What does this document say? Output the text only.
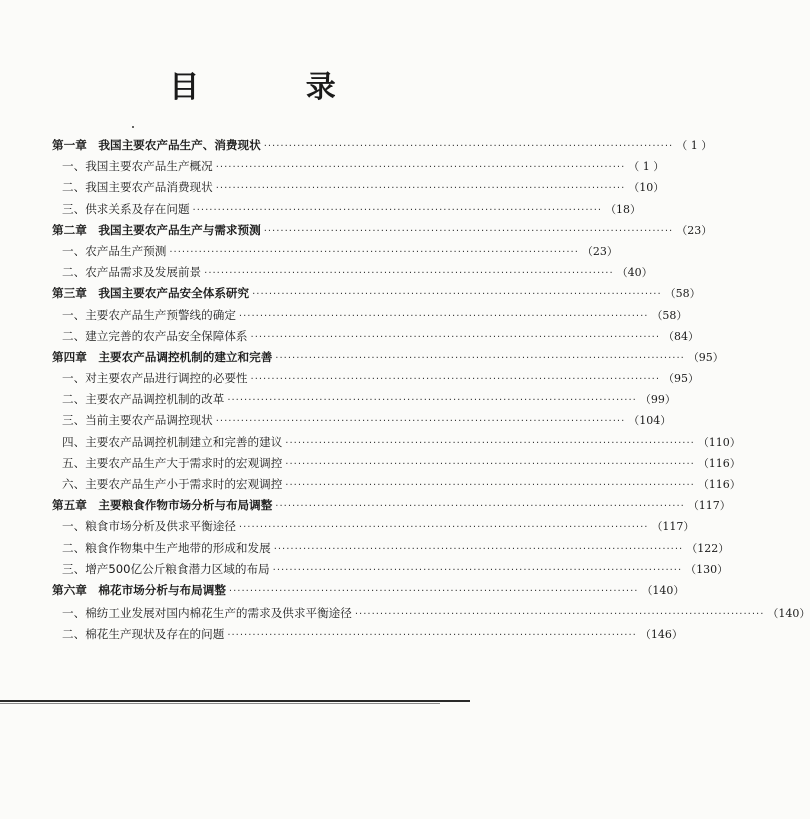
目 录
第一章　我国主要农产品生产、消费现状 ·································································································· （ 1 ）
一、我国主要农产品生产概况 ·································································································· （ 1 ）
二、我国主要农产品消费现状 ·································································································· （10）
三、供求关系及存在问题 ·································································································· （18）
第二章　我国主要农产品生产与需求预测 ·································································································· （23）
一、农产品生产预测 ·································································································· （23）
二、农产品需求及发展前景 ·································································································· （40）
第三章　我国主要农产品安全体系研究 ·································································································· （58）
一、主要农产品生产预警线的确定 ·································································································· （58）
二、建立完善的农产品安全保障体系 ·································································································· （84）
第四章　主要农产品调控机制的建立和完善 ·································································································· （95）
一、对主要农产品进行调控的必要性 ·································································································· （95）
二、主要农产品调控机制的改革 ·································································································· （99）
三、当前主要农产品调控现状 ·································································································· （104）
四、主要农产品调控机制建立和完善的建议 ·································································································· （110）
五、主要农产品生产大于需求时的宏观调控 ·································································································· （116）
六、主要农产品生产小于需求时的宏观调控 ·································································································· （116）
第五章　主要粮食作物市场分析与布局调整 ·································································································· （117）
一、粮食市场分析及供求平衡途径 ·································································································· （117）
二、粮食作物集中生产地带的形成和发展 ·································································································· （122）
三、增产500亿公斤粮食潜力区域的布局 ·································································································· （130）
第六章　棉花市场分析与布局调整 ·································································································· （140）
一、棉纺工业发展对国内棉花生产的需求及供求平衡途径 ·································································································· （140）
二、棉花生产现状及存在的问题 ·································································································· （146）
